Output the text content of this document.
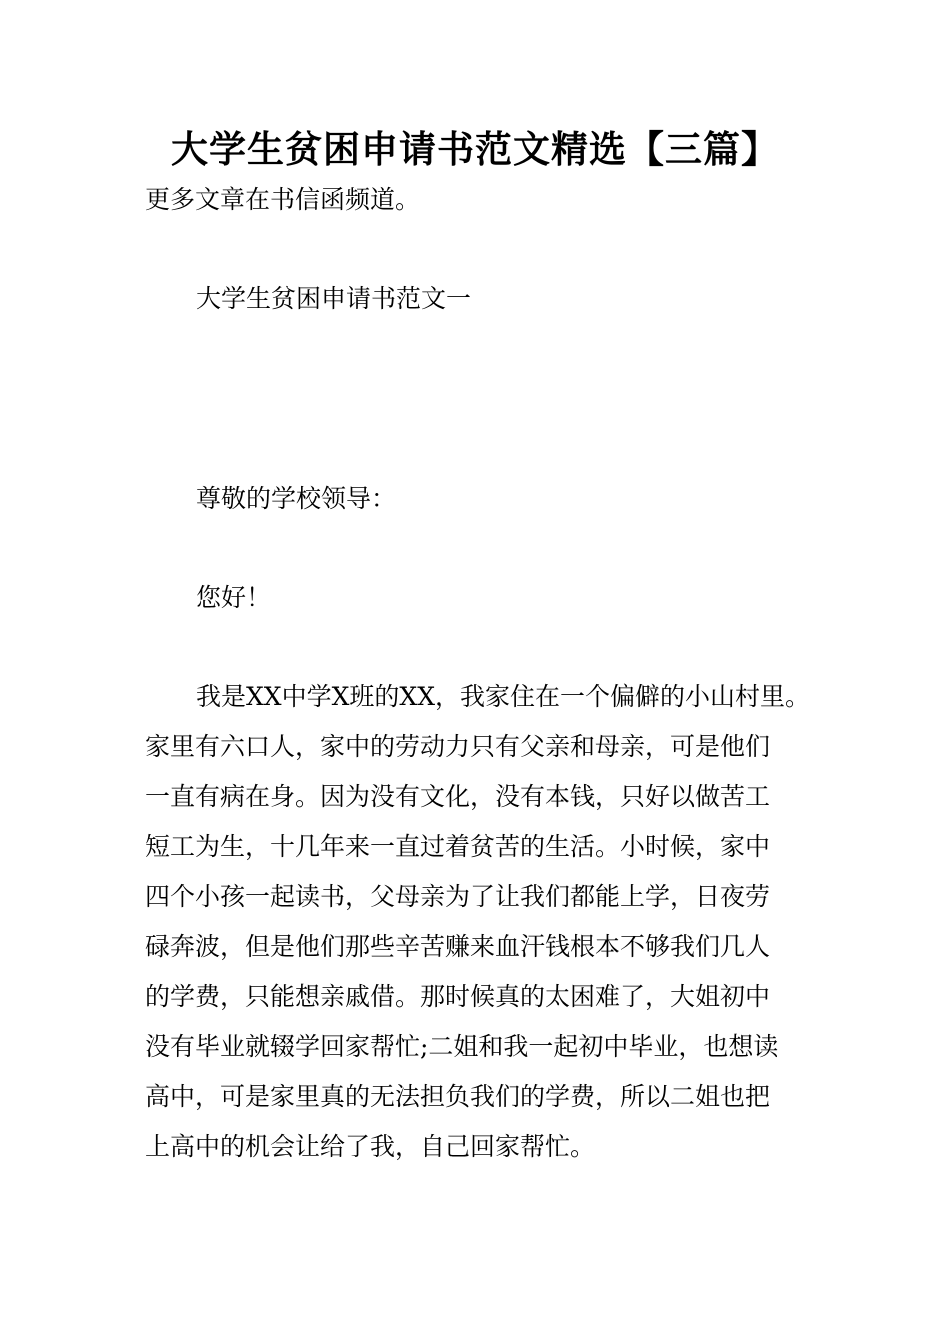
大学生贫困申请书范文精选【三篇】
更多文章在书信函频道。
大学生贫困申请书范文一
尊敬的学校领导：
您好！
我是XX中学X班的XX，我家住在一个偏僻的小山村里。
家里有六口人，家中的劳动力只有父亲和母亲，可是他们
一直有病在身。因为没有文化，没有本钱，只好以做苦工
短工为生，十几年来一直过着贫苦的生活。小时候，家中
四个小孩一起读书，父母亲为了让我们都能上学，日夜劳
碌奔波，但是他们那些辛苦赚来血汗钱根本不够我们几人
的学费，只能想亲戚借。那时候真的太困难了，大姐初中
没有毕业就辍学回家帮忙;二姐和我一起初中毕业，也想读
高中，可是家里真的无法担负我们的学费，所以二姐也把
上高中的机会让给了我，自己回家帮忙。
